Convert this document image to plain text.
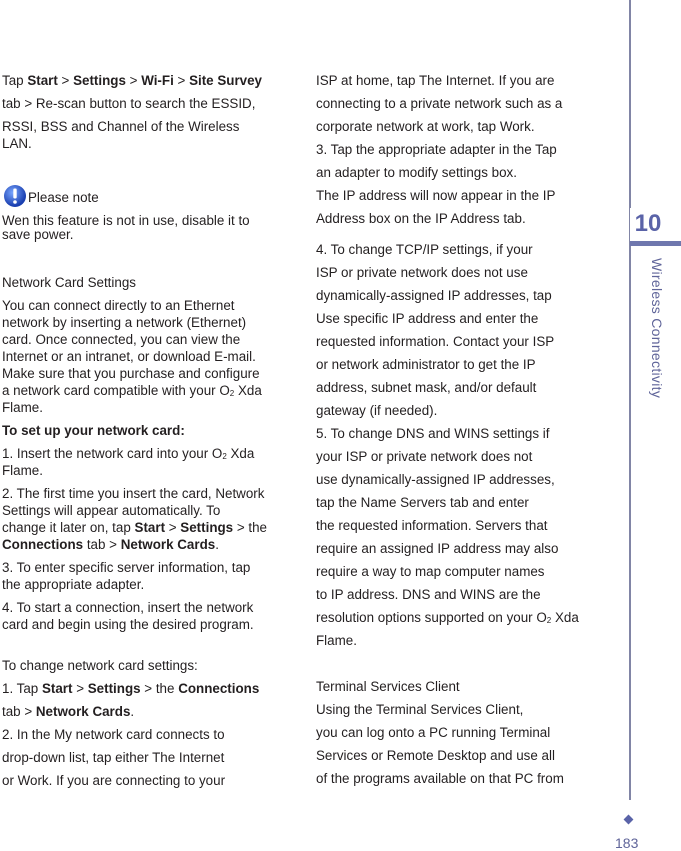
10
Wireless Connectivity
183

Tap Start > Settings > Wi-Fi > Site Survey

tab > Re-scan button to search the ESSID,

RSSI, BSS and Channel of the Wireless

LAN.

Please note

Wen this feature is not in use, disable it to

save power.

Network Card Settings

You can connect directly to an Ethernet

network by inserting a network (Ethernet)

card. Once connected, you can view the

Internet or an intranet, or download E-mail.

Make sure that you purchase and configure

a network card compatible with your $O_2$ Xda

Flame.

To set up your network card:

1. Insert the network card into your $O_2$ Xda

Flame.

2. The first time you insert the card, Network

Settings will appear automatically. To

change it later on, tap Start > Settings > the

Connections tab > Network Cards.

3. To enter specific server information, tap

the appropriate adapter.

4. To start a connection, insert the network

card and begin using the desired program.

To change network card settings:

1. Tap Start > Settings > the Connections

tab > Network Cards.

2. In the My network card connects to

drop-down list, tap either The Internet

or Work. If you are connecting to your

ISP at home, tap The Internet. If you are

connecting to a private network such as a

corporate network at work, tap Work.

3. Tap the appropriate adapter in the Tap

an adapter to modify settings box.

The IP address will now appear in the IP

Address box on the IP Address tab.

4. To change TCP/IP settings, if your

ISP or private network does not use

dynamically-assigned IP addresses, tap

Use specific IP address and enter the

requested information. Contact your ISP

or network administrator to get the IP

address, subnet mask, and/or default

gateway (if needed).

5. To change DNS and WINS settings if

your ISP or private network does not

use dynamically-assigned IP addresses,

tap the Name Servers tab and enter

the requested information. Servers that

require an assigned IP address may also

require a way to map computer names

to IP address. DNS and WINS are the

resolution options supported on your $O_2$ Xda

Flame.

Terminal Services Client

Using the Terminal Services Client,

you can log onto a PC running Terminal

Services or Remote Desktop and use all

of the programs available on that PC from
